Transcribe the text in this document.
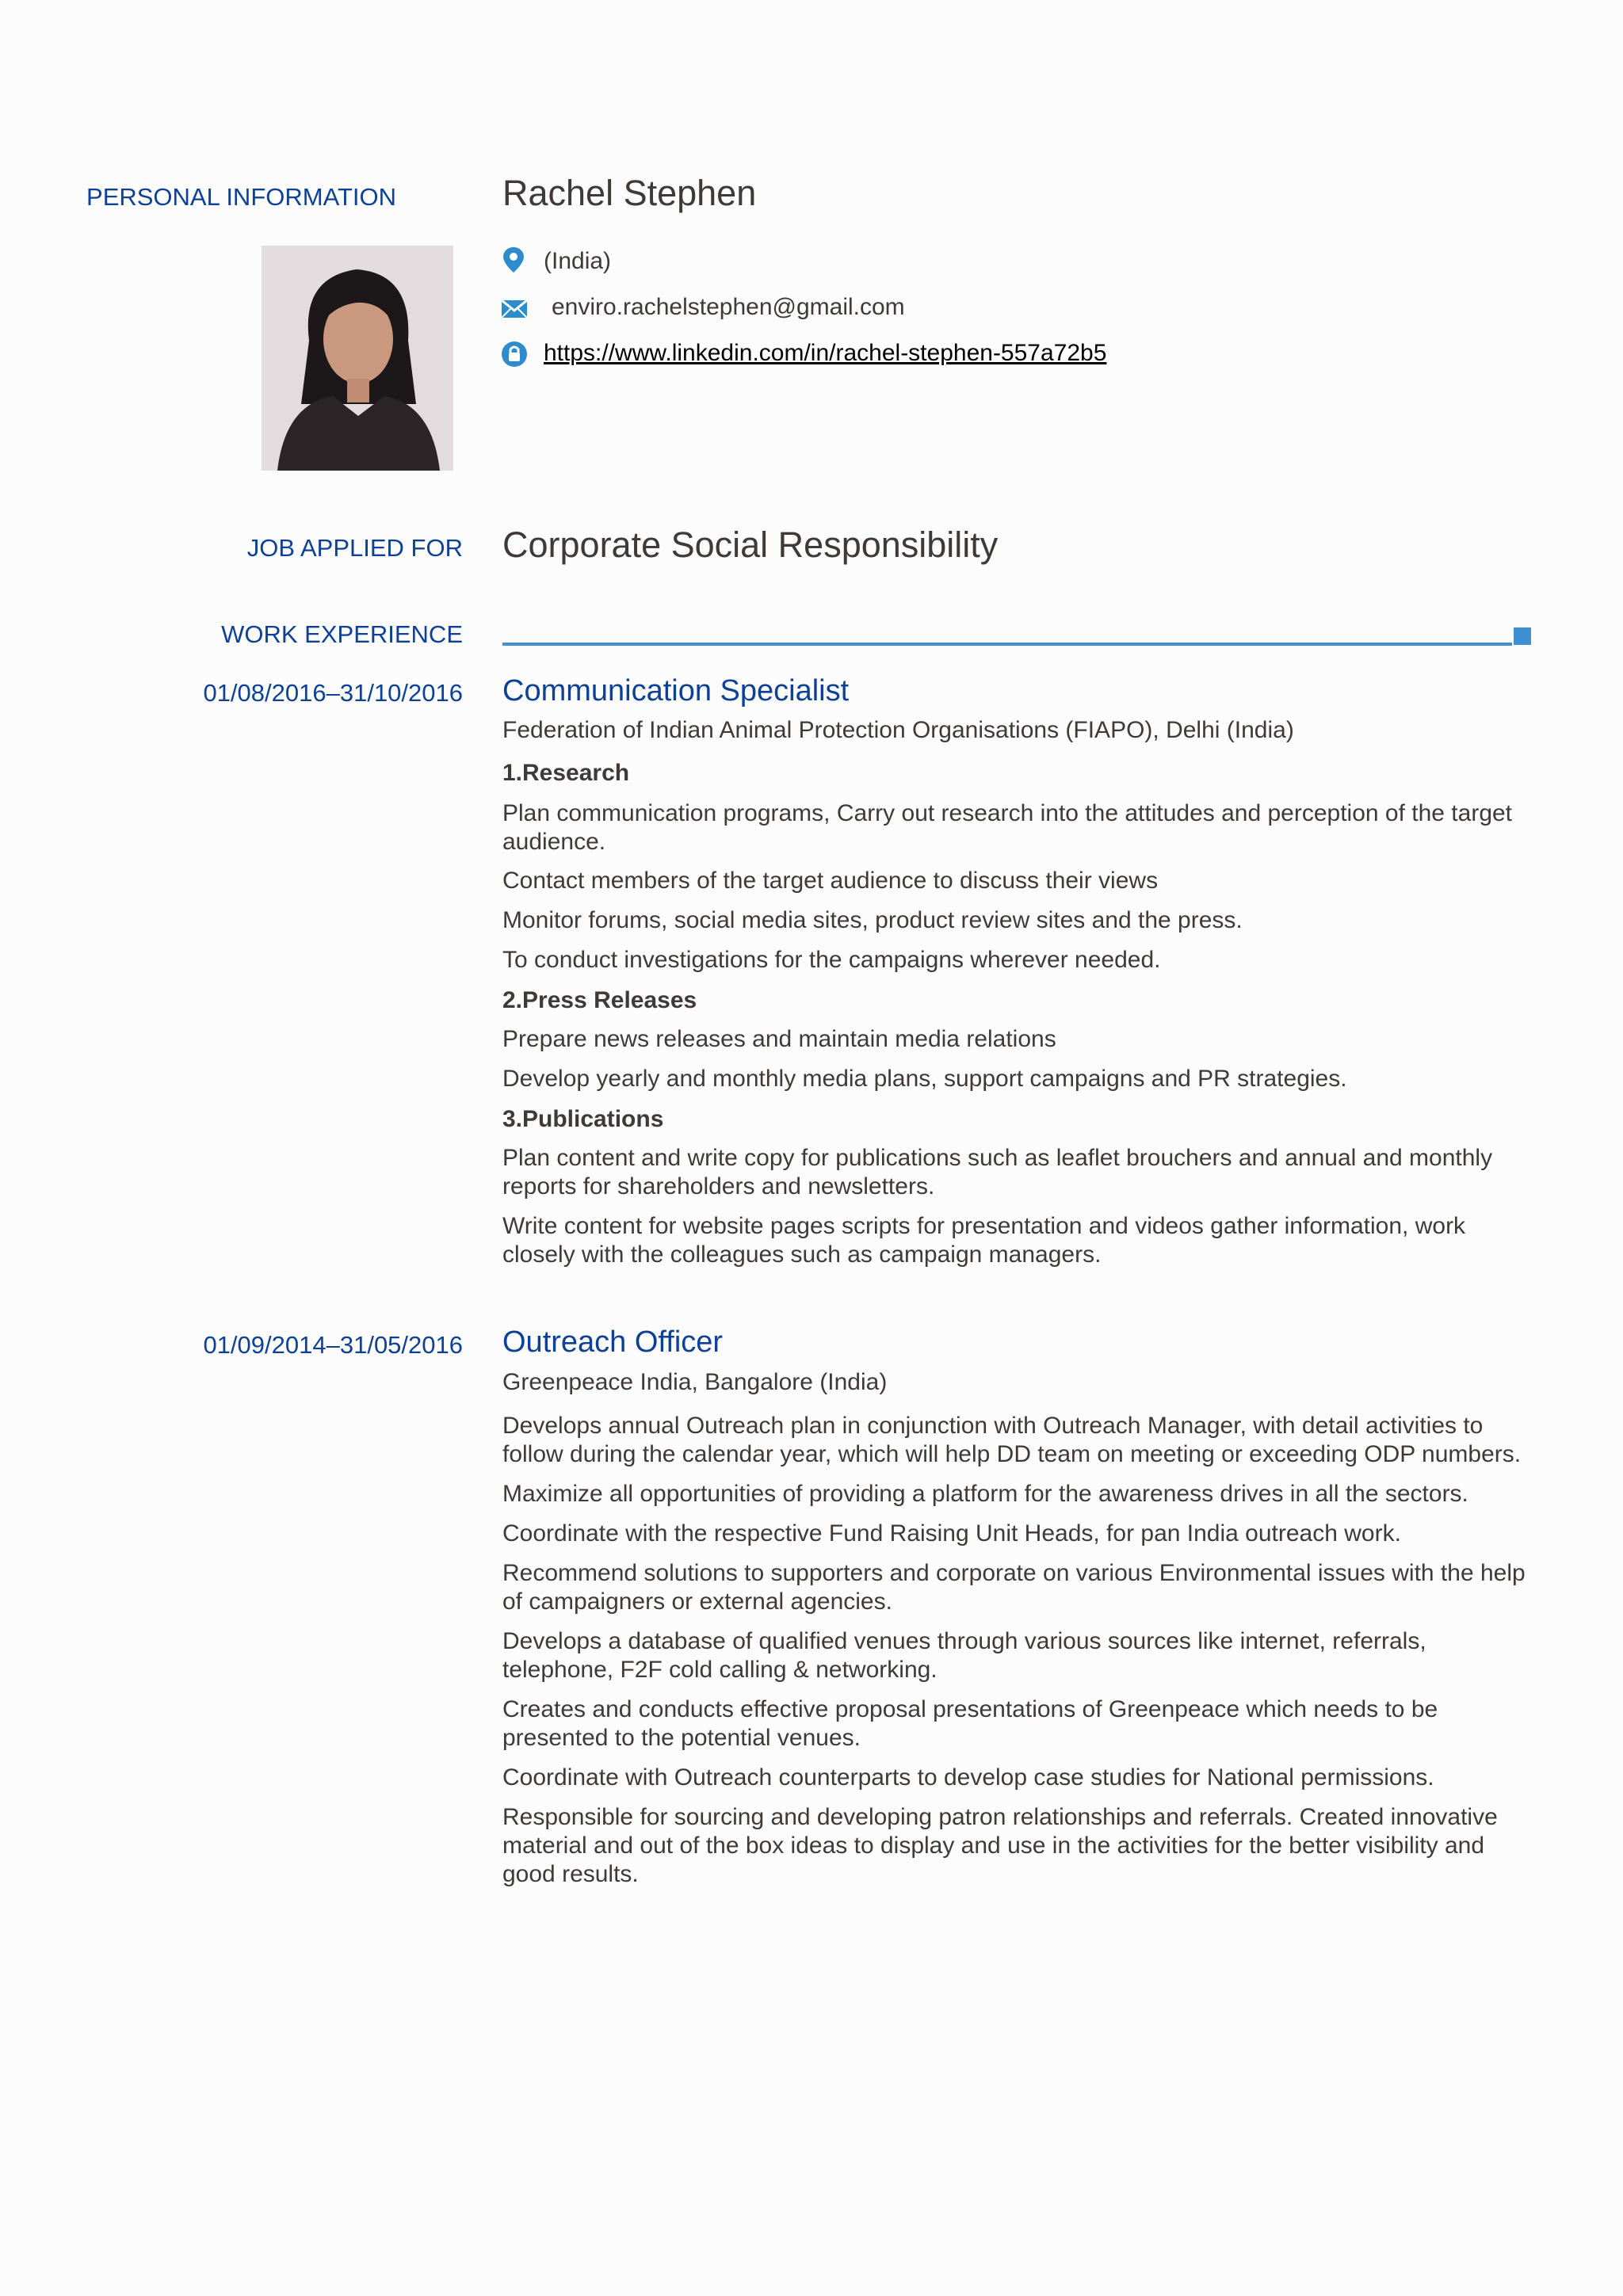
PERSONAL INFORMATION
JOB APPLIED FOR
WORK EXPERIENCE
Rachel Stephen
(India)
enviro.rachelstephen@gmail.com
https://www.linkedin.com/in/rachel-stephen-557a72b5
Corporate Social Responsibility
01/08/2016–31/10/2016 Communication Specialist
Federation of Indian Animal Protection Organisations (FIAPO), Delhi (India)
1.Research
Plan communication programs, Carry out research into the attitudes and perception of the target audience.
Contact members of the target audience to discuss their views
Monitor forums, social media sites, product review sites and the press.
To conduct investigations for the campaigns wherever needed.
2.Press Releases
Prepare news releases and maintain media relations
Develop yearly and monthly media plans, support campaigns and PR strategies.
3.Publications
Plan content and write copy for publications such as leaflet brouchers and annual and monthly reports for shareholders and newsletters.
Write content for website pages scripts for presentation and videos gather information, work closely with the colleagues such as campaign managers.
01/09/2014–31/05/2016 Outreach Officer
Greenpeace India, Bangalore (India)
Develops annual Outreach plan in conjunction with Outreach Manager, with detail activities to follow during the calendar year, which will help DD team on meeting or exceeding ODP numbers.
Maximize all opportunities of providing a platform for the awareness drives in all the sectors.
Coordinate with the respective Fund Raising Unit Heads, for pan India outreach work.
Recommend solutions to supporters and corporate on various Environmental issues with the help of campaigners or external agencies.
Develops a database of qualified venues through various sources like internet, referrals, telephone, F2F cold calling & networking.
Creates and conducts effective proposal presentations of Greenpeace which needs to be presented to the potential venues.
Coordinate with Outreach counterparts to develop case studies for National permissions.
Responsible for sourcing and developing patron relationships and referrals. Created innovative material and out of the box ideas to display and use in the activities for the better visibility and good results.
